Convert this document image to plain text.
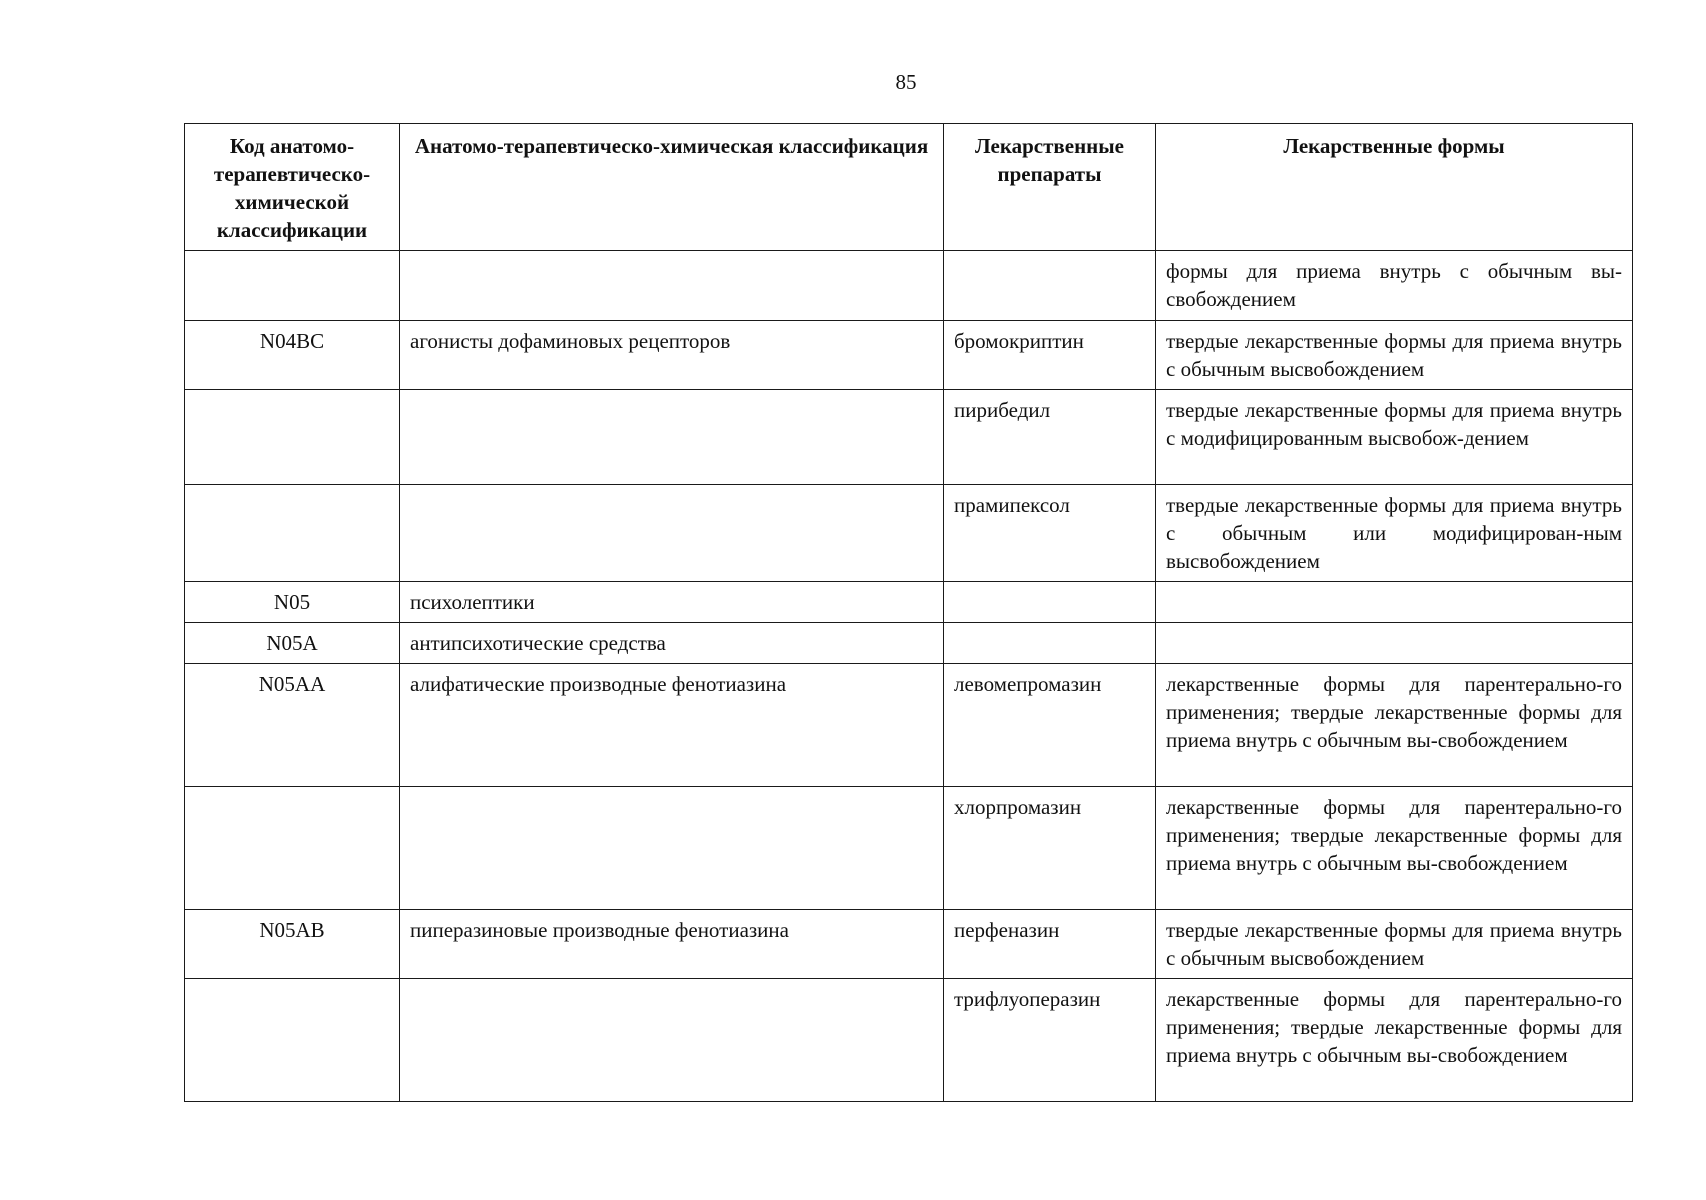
85
Код анатомо-терапевтическо-химической классификации	Анатомо-терапевтическо-химическая классификация	Лекарственные препараты	Лекарственные формы
			формы для приема внутрь с обычным вы-свобождением
N04BC	агонисты дофаминовых рецепторов	бромокриптин	твердые лекарственные формы для приема внутрь с обычным высвобождением
		пирибедил	твердые лекарственные формы для приема внутрь с модифицированным высвобож-дением
		прамипексол	твердые лекарственные формы для приема внутрь с обычным или модифицирован-ным высвобождением
N05	психолептики		
N05A	антипсихотические средства		
N05AA	алифатические производные фенотиазина	левомепромазин	лекарственные формы для парентерально-го применения; твердые лекарственные формы для приема внутрь с обычным вы-свобождением
		хлорпромазин	лекарственные формы для парентерально-го применения; твердые лекарственные формы для приема внутрь с обычным вы-свобождением
N05AB	пиперазиновые производные фенотиазина	перфеназин	твердые лекарственные формы для приема внутрь с обычным высвобождением
		трифлуоперазин	лекарственные формы для парентерально-го применения; твердые лекарственные формы для приема внутрь с обычным вы-свобождением
